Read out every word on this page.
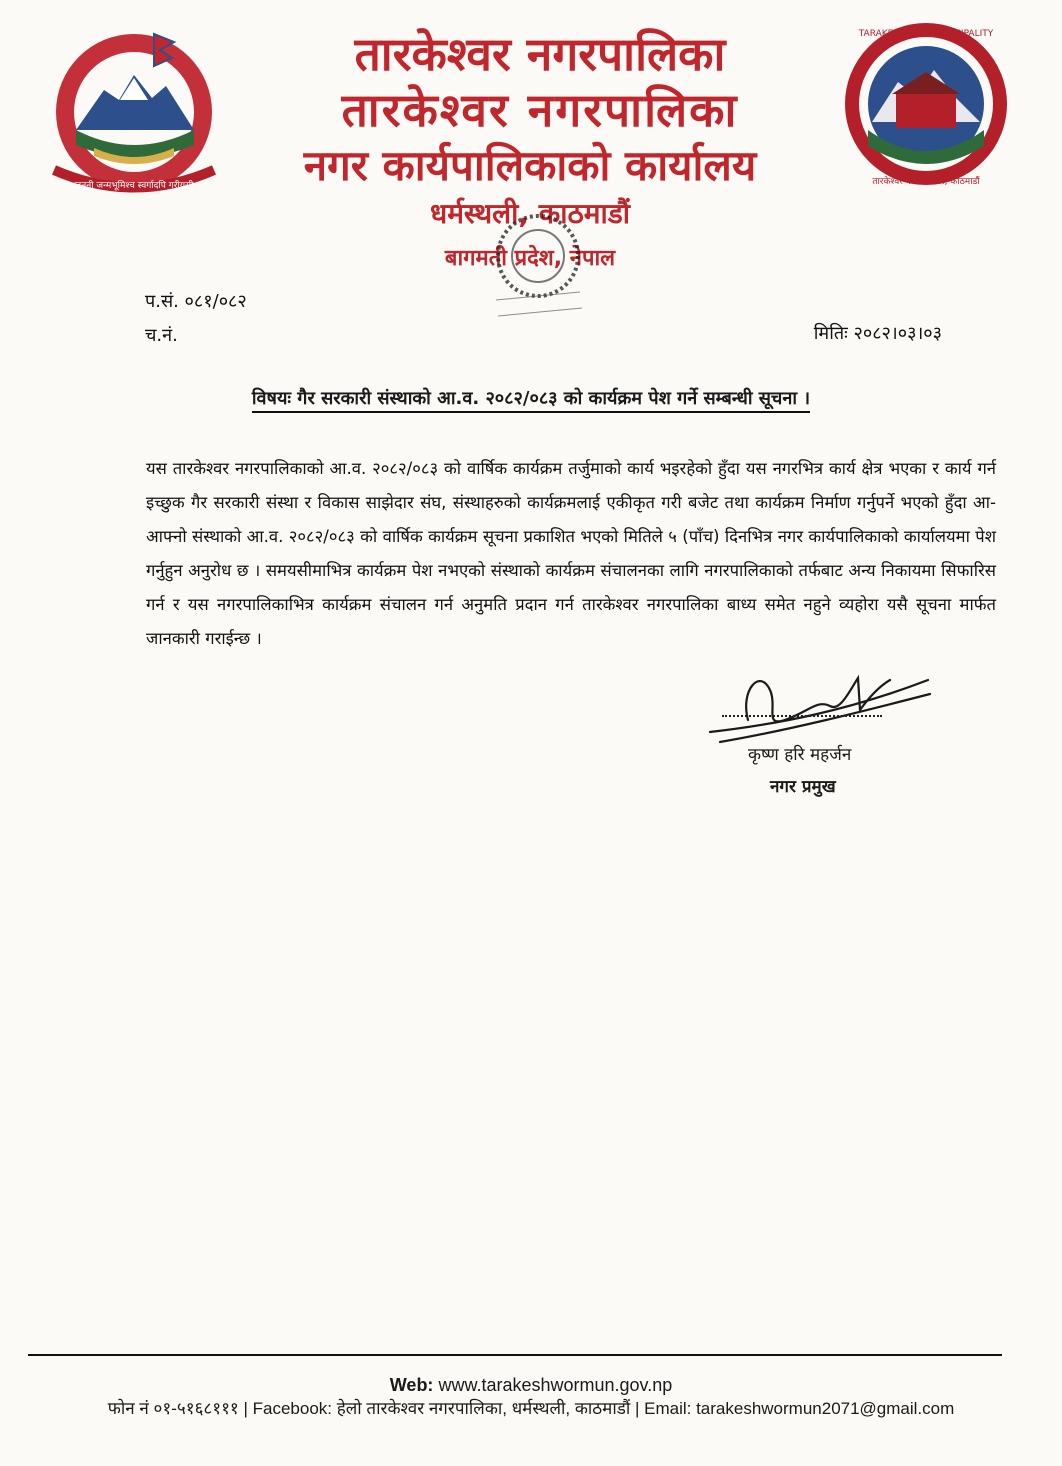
जननी जन्मभूमिश्च स्वर्गादपि गरीयसी
TARAKESHWOR MUNICIPALITY
तारकेश्वर नगरपालिका, काठमाडौं
तारकेश्वर नगरपालिका
तारकेश्वर नगरपालिका
नगर कार्यपालिकाको कार्यालय
धर्मस्थली, काठमाडौं
बागमती प्रदेश, नेपाल
प.सं. ०८१/०८२
च.नं.	मितिः २०८२।०३।०३
विषयः गैर सरकारी संस्थाको आ.व. २०८२/०८३ को कार्यक्रम पेश गर्ने सम्बन्धी सूचना ।
यस तारकेश्वर नगरपालिकाको आ.व. २०८२/०८३ को वार्षिक कार्यक्रम तर्जुमाको कार्य भइरहेको हुँदा यस नगरभित्र कार्य क्षेत्र भएका र कार्य गर्न इच्छुक गैर सरकारी संस्था र विकास साझेदार संघ, संस्थाहरुको कार्यक्रमलाई एकीकृत गरी बजेट तथा कार्यक्रम निर्माण गर्नुपर्ने भएको हुँदा आ-आफ्नो संस्थाको आ.व. २०८२/०८३ को वार्षिक कार्यक्रम सूचना प्रकाशित भएको मितिले ५ (पाँच) दिनभित्र नगर कार्यपालिकाको कार्यालयमा पेश गर्नुहुन अनुरोध छ । समयसीमाभित्र कार्यक्रम पेश नभएको संस्थाको कार्यक्रम संचालनका लागि नगरपालिकाको तर्फबाट अन्य निकायमा सिफारिस गर्न र यस नगरपालिकाभित्र कार्यक्रम संचालन गर्न अनुमति प्रदान गर्न तारकेश्वर नगरपालिका बाध्य समेत नहुने व्यहोरा यसै सूचना मार्फत जानकारी गराईन्छ ।
कृष्ण हरि महर्जन
नगर प्रमुख
Web: www.tarakeshwormun.gov.np
फोन नं ०१-५१६८१११ | Facebook: हेलो तारकेश्वर नगरपालिका, धर्मस्थली, काठमाडौं | Email: tarakeshwormun2071@gmail.com
